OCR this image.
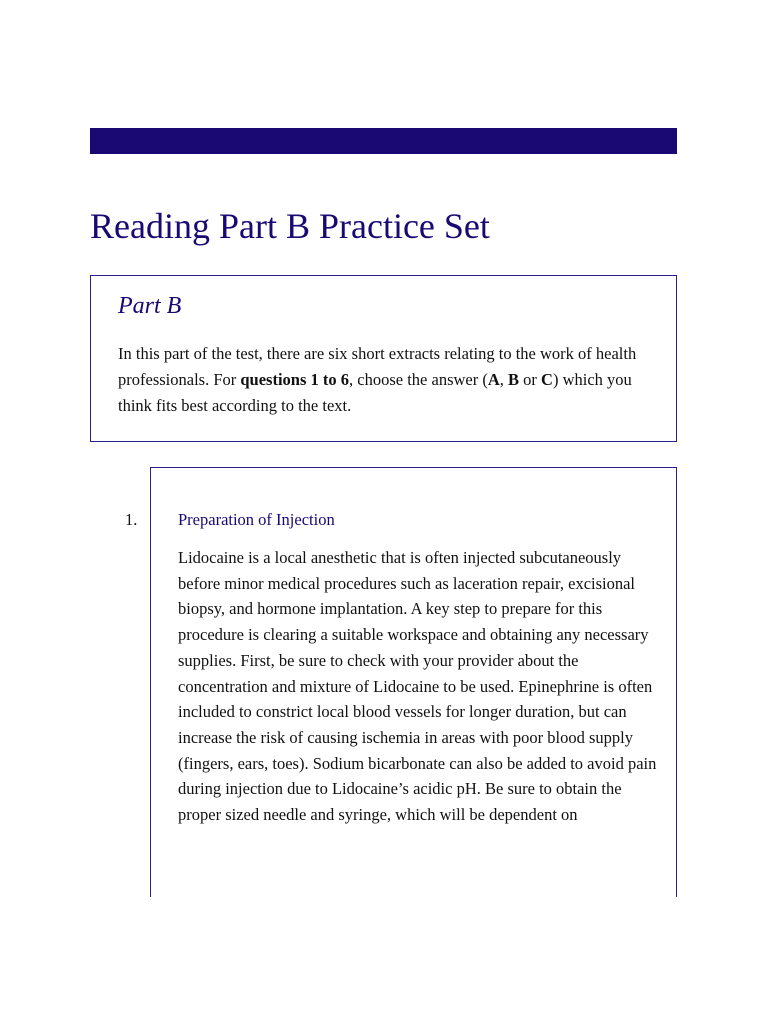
Reading Part B Practice Set
Part B

In this part of the test, there are six short extracts relating to the work of health professionals. For questions 1 to 6, choose the answer (A, B or C) which you think fits best according to the text.

1. Preparation of Injection

Lidocaine is a local anesthetic that is often injected subcutaneously before minor medical procedures such as laceration repair, excisional biopsy, and hormone implantation. A key step to prepare for this procedure is clearing a suitable workspace and obtaining any necessary supplies. First, be sure to check with your provider about the concentration and mixture of Lidocaine to be used. Epinephrine is often included to constrict local blood vessels for longer duration, but can increase the risk of causing ischemia in areas with poor blood supply (fingers, ears, toes). Sodium bicarbonate can also be added to avoid pain during injection due to Lidocaine’s acidic pH. Be sure to obtain the proper sized needle and syringe, which will be dependent on
